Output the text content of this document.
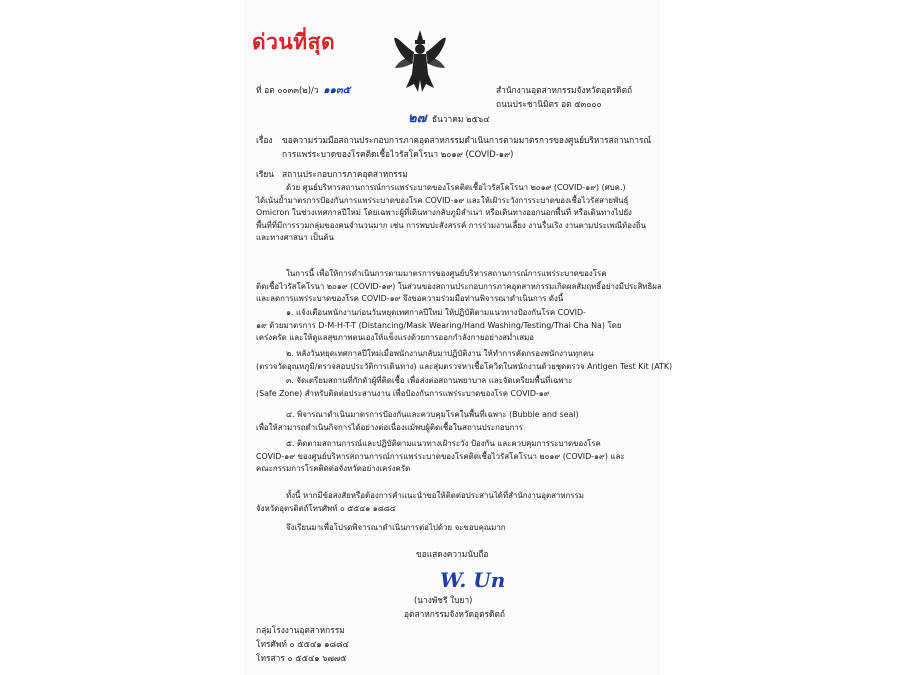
ด่วนที่สุด
ที่ อต ๐๐๓๓(๒)/ว ๑๑๓๕	สำนักงานอุตสาหกรรมจังหวัดอุตรดิตถ์
ถนนประชานิมิตร อต ๕๓๐๐๐
๒๗ ธันวาคม ๒๕๖๔
เรื่อง ขอความร่วมมือสถานประกอบการภาคอุตสาหกรรมดำเนินการตามมาตรการของศูนย์บริหารสถานการณ์
การแพร่ระบาดของโรคติดเชื้อไวรัสโคโรนา ๒๐๑๙ (COVID-๑๙)
เรียน สถานประกอบการภาคอุตสาหกรรม
ด้วย ศูนย์บริหารสถานการณ์การแพร่ระบาดของโรคติดเชื้อไวรัสโคโรนา ๒๐๑๙ (COVID-๑๙) (ศบค.)
ได้เน้นย้ำมาตรการป้องกันการแพร่ระบาดของโรค COVID-๑๙ และให้เฝ้าระวังการระบาดของเชื้อไวรัสสายพันธุ์
Omicron ในช่วงเทศกาลปีใหม่ โดยเฉพาะผู้ที่เดินทางกลับภูมิลำเนา หรือเดินทางออกนอกพื้นที่ หรือเดินทางไปยัง
พื้นที่ที่มีการรวมกลุ่มของคนจำนวนมาก เช่น การพบปะสังสรรค์ การร่วมงานเลี้ยง งานรื่นเริง งานตามประเพณีท้องถิ่น
และทางศาสนา เป็นต้น
ในการนี้ เพื่อให้การดำเนินการตามมาตรการของศูนย์บริหารสถานการณ์การแพร่ระบาดของโรค
ติดเชื้อไวรัสโคโรนา ๒๐๑๙ (COVID-๑๙) ในส่วนของสถานประกอบการภาคอุตสาหกรรมเกิดผลสัมฤทธิ์อย่างมีประสิทธิผล
และลดการแพร่ระบาดของโรค COVID-๑๙ จึงขอความร่วมมือท่านพิจารณาดำเนินการ ดังนี้
๑. แจ้งเตือนพนักงานก่อนวันหยุดเทศกาลปีใหม่ ให้ปฏิบัติตามแนวทางป้องกันโรค COVID-
๑๙ ด้วยมาตรการ D-M-H-T-T (Distancing/Mask Wearing/Hand Washing/Testing/Thai Cha Na) โดย
เคร่งครัด และให้ดูแลสุขภาพตนเองให้แข็งแรงด้วยการออกกำลังกายอย่างสม่ำเสมอ
๒. หลังวันหยุดเทศกาลปีใหม่เมื่อพนักงานกลับมาปฏิบัติงาน ให้ทำการคัดกรองพนักงานทุกคน
(ตรวจวัดอุณหภูมิ/ตรวจสอบประวัติการเดินทาง) และสุ่มตรวจหาเชื้อโควิดในพนักงานด้วยชุดตรวจ Antigen Test Kit (ATK)
๓. จัดเตรียมสถานที่กักตัวผู้ที่ติดเชื้อ เพื่อส่งต่อสถานพยาบาล และจัดเตรียมพื้นที่เฉพาะ
(Safe Zone) สำหรับติดต่อประสานงาน เพื่อป้องกันการแพร่ระบาดของโรค COVID-๑๙
๔. พิจารณาดำเนินมาตรการป้องกันและควบคุมโรคในพื้นที่เฉพาะ (Bubble and seal)
เพื่อให้สามารถดำเนินกิจการได้อย่างต่อเนื่องแม้พบผู้ติดเชื้อในสถานประกอบการ
๕. ติดตามสถานการณ์และปฏิบัติตามแนวทางเฝ้าระวัง ป้องกัน และควบคุมการระบาดของโรค
COVID-๑๙ ของศูนย์บริหารสถานการณ์การแพร่ระบาดของโรคติดเชื้อไวรัสโคโรนา ๒๐๑๙ (COVID-๑๙) และ
คณะกรรมการโรคติดต่อจังหวัดอย่างเคร่งครัด
ทั้งนี้ หากมีข้อสงสัยหรือต้องการคำแนะนำขอให้ติดต่อประสานได้ที่สำนักงานอุตสาหกรรม
จังหวัดอุตรดิตถ์โทรศัพท์ ๐ ๕๕๔๑ ๑๘๘๔
จึงเรียนมาเพื่อโปรดพิจารณาดำเนินการต่อไปด้วย จะขอบคุณมาก
ขอแสดงความนับถือ
W. Un
(นางพัชรี ใบยา)
อุตสาหกรรมจังหวัดอุตรดิตถ์
กลุ่มโรงงานอุตสาหกรรม
โทรศัพท์ ๐ ๕๕๔๑ ๑๘๘๔
โทรสาร ๐ ๕๕๔๑ ๖๗๗๕
